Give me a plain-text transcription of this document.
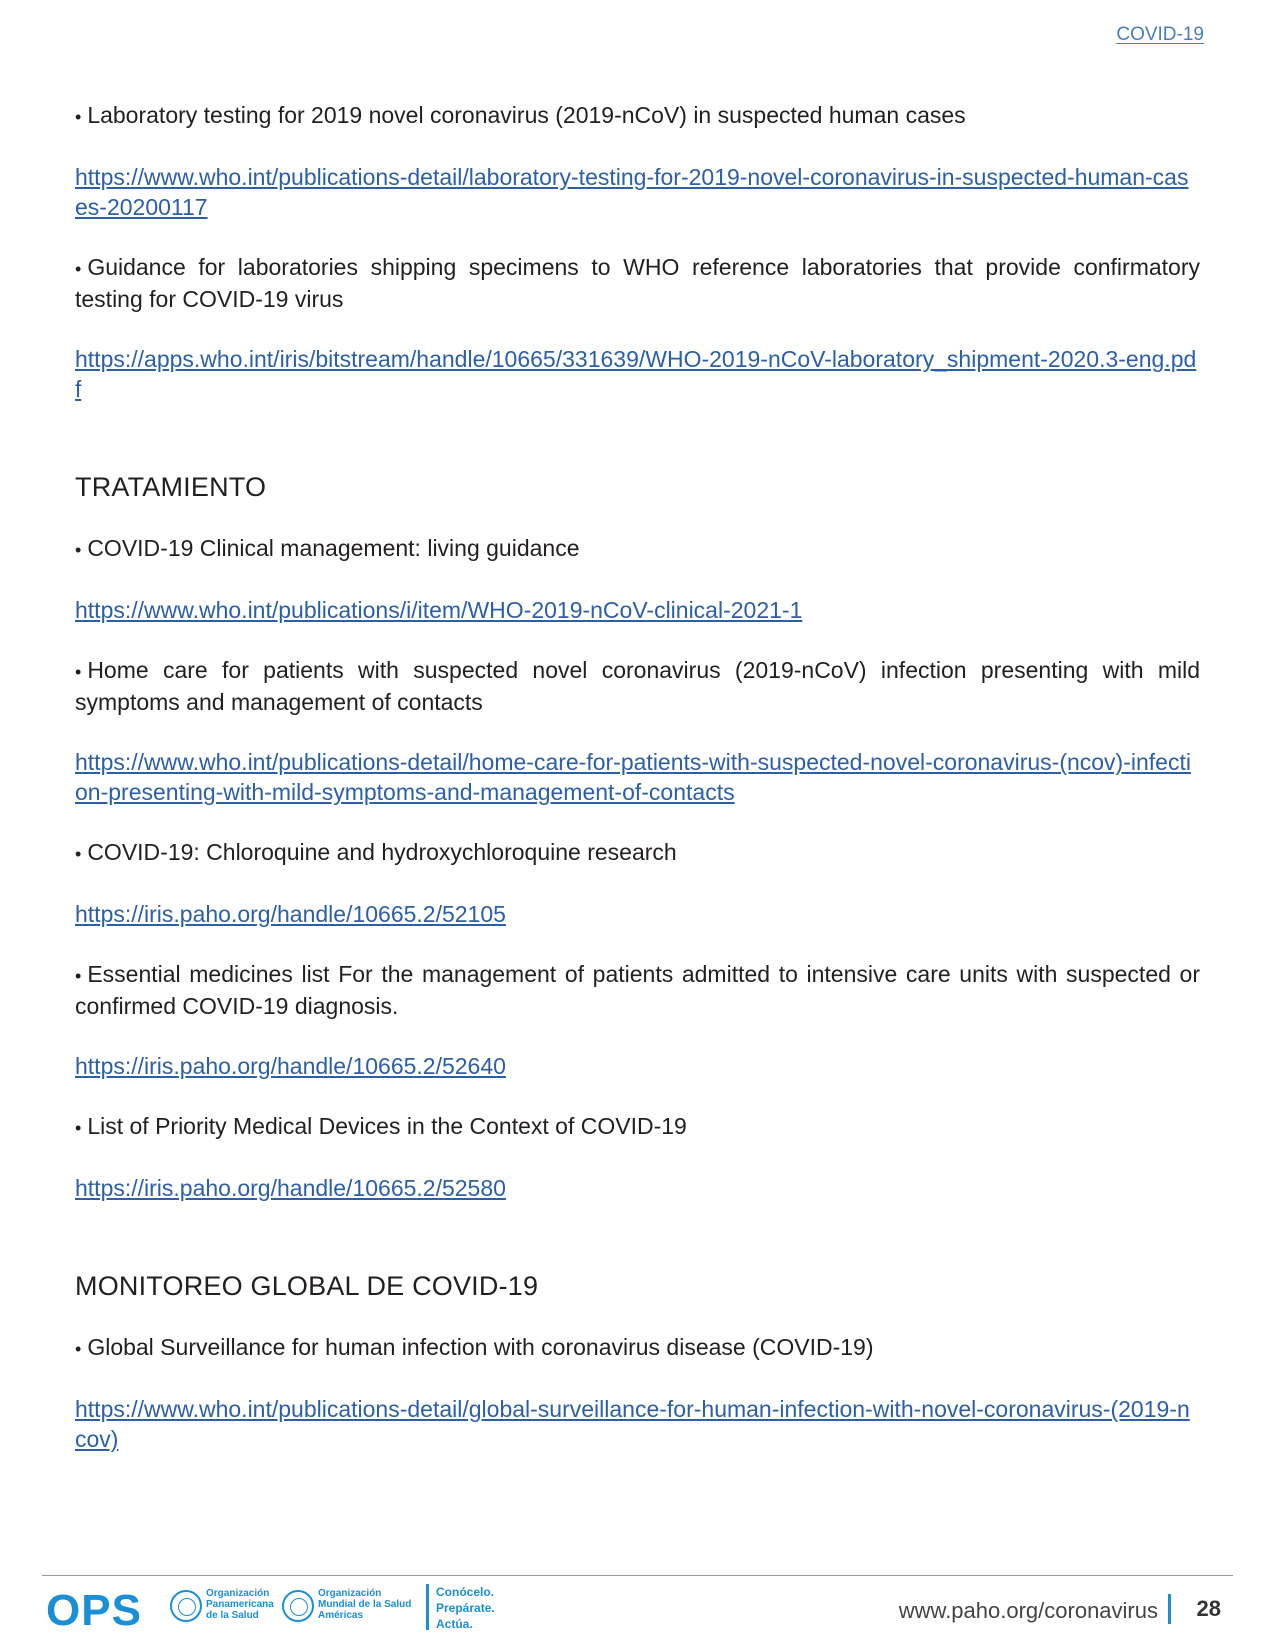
COVID-19

• Laboratory testing for 2019 novel coronavirus (2019-nCoV) in suspected human cases

https://www.who.int/publications-detail/laboratory-testing-for-2019-novel-coronavirus-in-suspected-human-cases-20200117

• Guidance for laboratories shipping specimens to WHO reference laboratories that provide confirmatory testing for COVID-19 virus

https://apps.who.int/iris/bitstream/handle/10665/331639/WHO-2019-nCoV-laboratory_shipment-2020.3-eng.pdf
TRATAMIENTO

• COVID-19 Clinical management: living guidance

https://www.who.int/publications/i/item/WHO-2019-nCoV-clinical-2021-1

• Home care for patients with suspected novel coronavirus (2019-nCoV) infection presenting with mild symptoms and management of contacts

https://www.who.int/publications-detail/home-care-for-patients-with-suspected-novel-coronavirus-(ncov)-infection-presenting-with-mild-symptoms-and-management-of-contacts

• COVID-19: Chloroquine and hydroxychloroquine research

https://iris.paho.org/handle/10665.2/52105

• Essential medicines list For the management of patients admitted to intensive care units with suspected or confirmed COVID-19 diagnosis.

https://iris.paho.org/handle/10665.2/52640

• List of Priority Medical Devices in the Context of COVID-19

https://iris.paho.org/handle/10665.2/52580
MONITOREO GLOBAL DE COVID-19

• Global Surveillance for human infection with coronavirus disease (COVID-19)

https://www.who.int/publications-detail/global-surveillance-for-human-infection-with-novel-coronavirus-(2019-ncov)
OPS	Organización
Panamericana
de la Salud
Organización
Mundial de la Salud
Américas
Conócelo.
Prepárate.
Actúa.
www.paho.org/coronavirus 28
